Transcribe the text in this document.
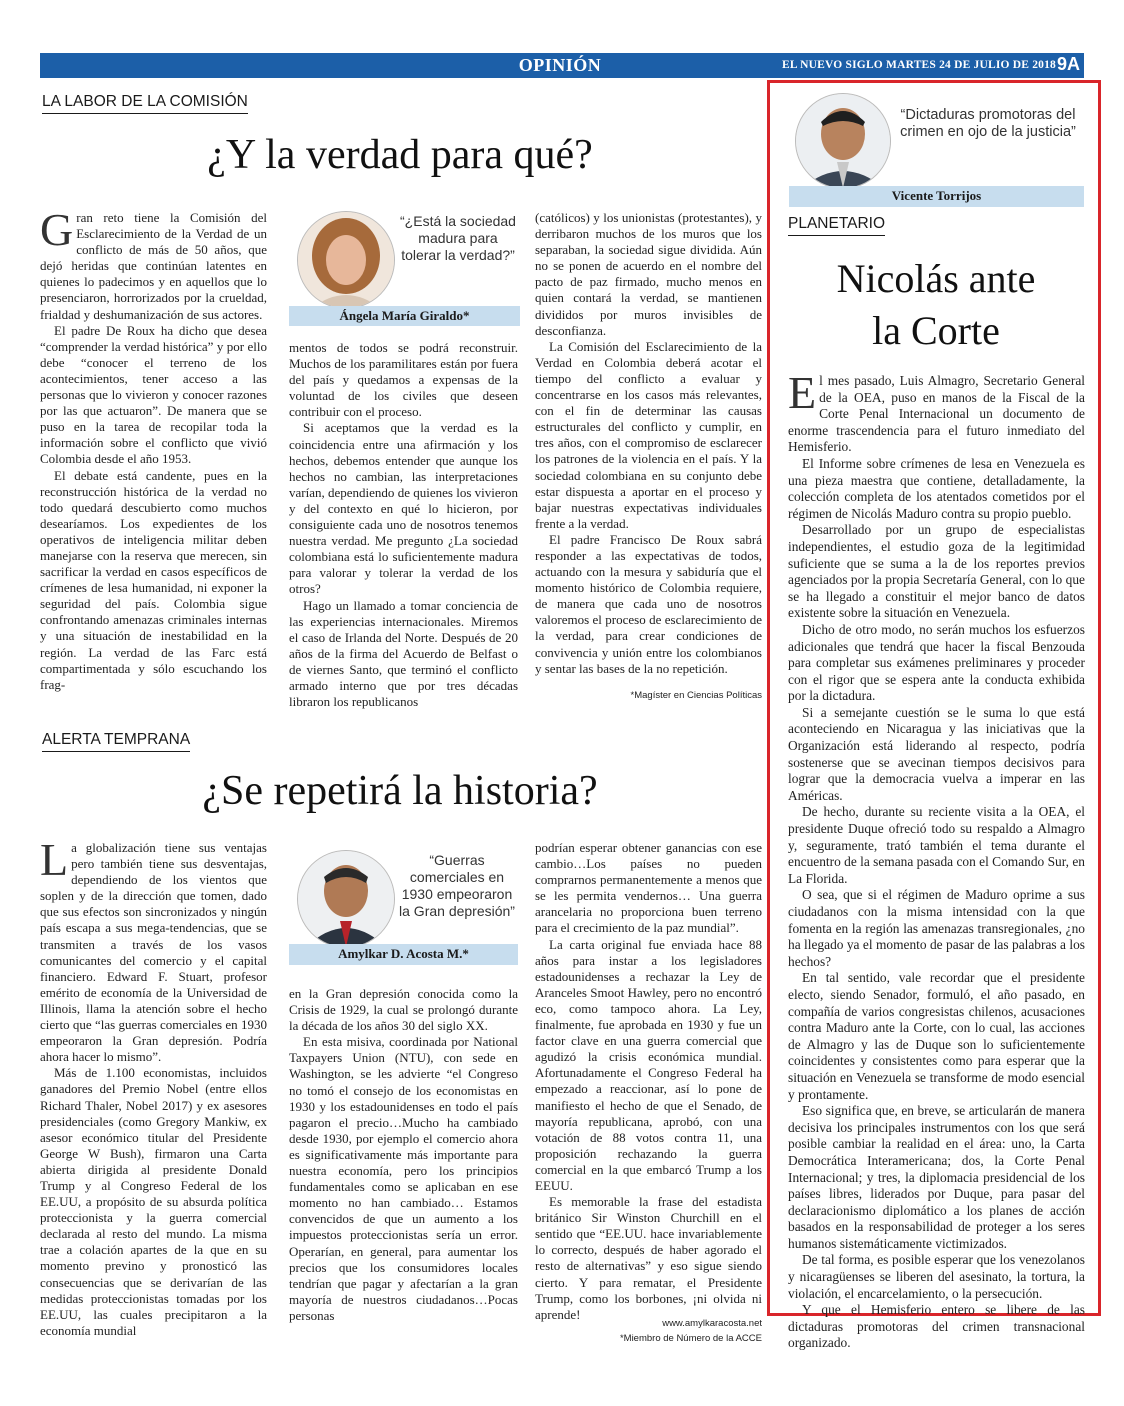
OPINIÓN	EL NUEVO SIGLO MARTES 24 DE JULIO DE 2018 9A
LA LABOR DE LA COMISIÓN
¿Y la verdad para qué?

Gran reto tiene la Comisión del Esclarecimiento de la Verdad de un conflicto de más de 50 años, que dejó heridas que continúan latentes en quienes lo padecimos y en aquellos que lo presenciaron, horrorizados por la crueldad, frialdad y deshumanización de sus actores.

El padre De Roux ha dicho que desea “comprender la verdad histórica” y por ello debe “conocer el terreno de los acontecimientos, tener acceso a las personas que lo vivieron y conocer razones por las que actuaron”. De manera que se puso en la tarea de recopilar toda la información sobre el conflicto que vivió Colombia desde el año 1953.

El debate está candente, pues en la reconstrucción histórica de la verdad no todo quedará descubierto como muchos desearíamos. Los expedientes de los operativos de inteligencia militar deben manejarse con la reserva que merecen, sin sacrificar la verdad en casos específicos de crímenes de lesa humanidad, ni exponer la seguridad del país. Colombia sigue confrontando amenazas criminales internas y una situación de inestabilidad en la región. La verdad de las Farc está compartimentada y sólo escuchando los frag-

“¿Está la sociedad madura para tolerar la verdad?”
Ángela María Giraldo*

mentos de todos se podrá reconstruir. Muchos de los paramilitares están por fuera del país y quedamos a expensas de la voluntad de los civiles que deseen contribuir con el proceso.

Si aceptamos que la verdad es la coincidencia entre una afirmación y los hechos, debemos entender que aunque los hechos no cambian, las interpretaciones varían, dependiendo de quienes los vivieron y del contexto en qué lo hicieron, por consiguiente cada uno de nosotros tenemos nuestra verdad. Me pregunto ¿La sociedad colombiana está lo suficientemente madura para valorar y tolerar la verdad de los otros?

Hago un llamado a tomar conciencia de las experiencias internacionales. Miremos el caso de Irlanda del Norte. Después de 20 años de la firma del Acuerdo de Belfast o de viernes Santo, que terminó el conflicto armado interno que por tres décadas libraron los republicanos

(católicos) y los unionistas (protestantes), y derribaron muchos de los muros que los separaban, la sociedad sigue dividida. Aún no se ponen de acuerdo en el nombre del pacto de paz firmado, mucho menos en quien contará la verdad, se mantienen divididos por muros invisibles de desconfianza.

La Comisión del Esclarecimiento de la Verdad en Colombia deberá acotar el tiempo del conflicto a evaluar y concentrarse en los casos más relevantes, con el fin de determinar las causas estructurales del conflicto y cumplir, en tres años, con el compromiso de esclarecer los patrones de la violencia en el país. Y la sociedad colombiana en su conjunto debe estar dispuesta a aportar en el proceso y bajar nuestras expectativas individuales frente a la verdad.

El padre Francisco De Roux sabrá responder a las expectativas de todos, actuando con la mesura y sabiduría que el momento histórico de Colombia requiere, de manera que cada uno de nosotros valoremos el proceso de esclarecimiento de la verdad, para crear condiciones de convivencia y unión entre los colombianos y sentar las bases de la no repetición.

*Magíster en Ciencias Políticas
ALERTA TEMPRANA
¿Se repetirá la historia?

La globalización tiene sus ventajas pero también tiene sus desventajas, dependiendo de los vientos que soplen y de la dirección que tomen, dado que sus efectos son sincronizados y ningún país escapa a sus mega-tendencias, que se transmiten a través de los vasos comunicantes del comercio y el capital financiero. Edward F. Stuart, profesor emérito de economía de la Universidad de Illinois, llama la atención sobre el hecho cierto que “las guerras comerciales en 1930 empeoraron la Gran depresión. Podría ahora hacer lo mismo”.

Más de 1.100 economistas, incluidos ganadores del Premio Nobel (entre ellos Richard Thaler, Nobel 2017) y ex asesores presidenciales (como Gregory Mankiw, ex asesor económico titular del Presidente George W Bush), firmaron una Carta abierta dirigida al presidente Donald Trump y al Congreso Federal de los EE.UU, a propósito de su absurda política proteccionista y la guerra comercial declarada al resto del mundo. La misma trae a colación apartes de la que en su momento previno y pronosticó las consecuencias que se derivarían de las medidas proteccionistas tomadas por los EE.UU, las cuales precipitaron a la economía mundial

“Guerras comerciales en 1930 empeoraron la Gran depresión”
Amylkar D. Acosta M.*

en la Gran depresión conocida como la Crisis de 1929, la cual se prolongó durante la década de los años 30 del siglo XX.

En esta misiva, coordinada por National Taxpayers Union (NTU), con sede en Washington, se les advierte “el Congreso no tomó el consejo de los economistas en 1930 y los estadounidenses en todo el país pagaron el precio…Mucho ha cambiado desde 1930, por ejemplo el comercio ahora es significativamente más importante para nuestra economía, pero los principios fundamentales como se aplicaban en ese momento no han cambiado… Estamos convencidos de que un aumento a los impuestos proteccionistas sería un error. Operarían, en general, para aumentar los precios que los consumidores locales tendrían que pagar y afectarían a la gran mayoría de nuestros ciudadanos…Pocas personas

podrían esperar obtener ganancias con ese cambio…Los países no pueden comprarnos permanentemente a menos que se les permita vendernos… Una guerra arancelaria no proporciona buen terreno para el crecimiento de la paz mundial”.

La carta original fue enviada hace 88 años para instar a los legisladores estadounidenses a rechazar la Ley de Aranceles Smoot Hawley, pero no encontró eco, como tampoco ahora. La Ley, finalmente, fue aprobada en 1930 y fue un factor clave en una guerra comercial que agudizó la crisis económica mundial. Afortunadamente el Congreso Federal ha empezado a reaccionar, así lo pone de manifiesto el hecho de que el Senado, de mayoría republicana, aprobó, con una votación de 88 votos contra 11, una proposición rechazando la guerra comercial en la que embarcó Trump a los EEUU.

Es memorable la frase del estadista británico Sir Winston Churchill en el sentido que “EE.UU. hace invariablemente lo correcto, después de haber agorado el resto de alternativas” y eso sigue siendo cierto. Y para rematar, el Presidente Trump, como los borbones, ¡ni olvida ni aprende!

www.amylkaracosta.net
*Miembro de Número de la ACCE
“Dictaduras promotoras del crimen en ojo de la justicia”
Vicente Torrijos
PLANETARIO
Nicolás ante
la Corte

El mes pasado, Luis Almagro, Secretario General de la OEA, puso en manos de la Fiscal de la Corte Penal Internacional un documento de enorme trascendencia para el futuro inmediato del Hemisferio.

El Informe sobre crímenes de lesa en Venezuela es una pieza maestra que contiene, detalladamente, la colección completa de los atentados cometidos por el régimen de Nicolás Maduro contra su propio pueblo.

Desarrollado por un grupo de especialistas independientes, el estudio goza de la legitimidad suficiente que se suma a la de los reportes previos agenciados por la propia Secretaría General, con lo que se ha llegado a constituir el mejor banco de datos existente sobre la situación en Venezuela.

Dicho de otro modo, no serán muchos los esfuerzos adicionales que tendrá que hacer la fiscal Benzouda para completar sus exámenes preliminares y proceder con el rigor que se espera ante la conducta exhibida por la dictadura.

Si a semejante cuestión se le suma lo que está aconteciendo en Nicaragua y las iniciativas que la Organización está liderando al respecto, podría sostenerse que se avecinan tiempos decisivos para lograr que la democracia vuelva a imperar en las Américas.

De hecho, durante su reciente visita a la OEA, el presidente Duque ofreció todo su respaldo a Almagro y, seguramente, trató también el tema durante el encuentro de la semana pasada con el Comando Sur, en La Florida.

O sea, que si el régimen de Maduro oprime a sus ciudadanos con la misma intensidad con la que fomenta en la región las amenazas transregionales, ¿no ha llegado ya el momento de pasar de las palabras a los hechos?

En tal sentido, vale recordar que el presidente electo, siendo Senador, formuló, el año pasado, en compañía de varios congresistas chilenos, acusaciones contra Maduro ante la Corte, con lo cual, las acciones de Almagro y las de Duque son lo suficientemente coincidentes y consistentes como para esperar que la situación en Venezuela se transforme de modo esencial y prontamente.

Eso significa que, en breve, se articularán de manera decisiva los principales instrumentos con los que será posible cambiar la realidad en el área: uno, la Carta Democrática Interamericana; dos, la Corte Penal Internacional; y tres, la diplomacia presidencial de los países libres, liderados por Duque, para pasar del declaracionismo diplomático a los planes de acción basados en la responsabilidad de proteger a los seres humanos sistemáticamente victimizados.

De tal forma, es posible esperar que los venezolanos y nicaragüenses se liberen del asesinato, la tortura, la violación, el encarcelamiento, o la persecución.

Y que el Hemisferio entero se libere de las dictaduras promotoras del crimen transnacional organizado.
